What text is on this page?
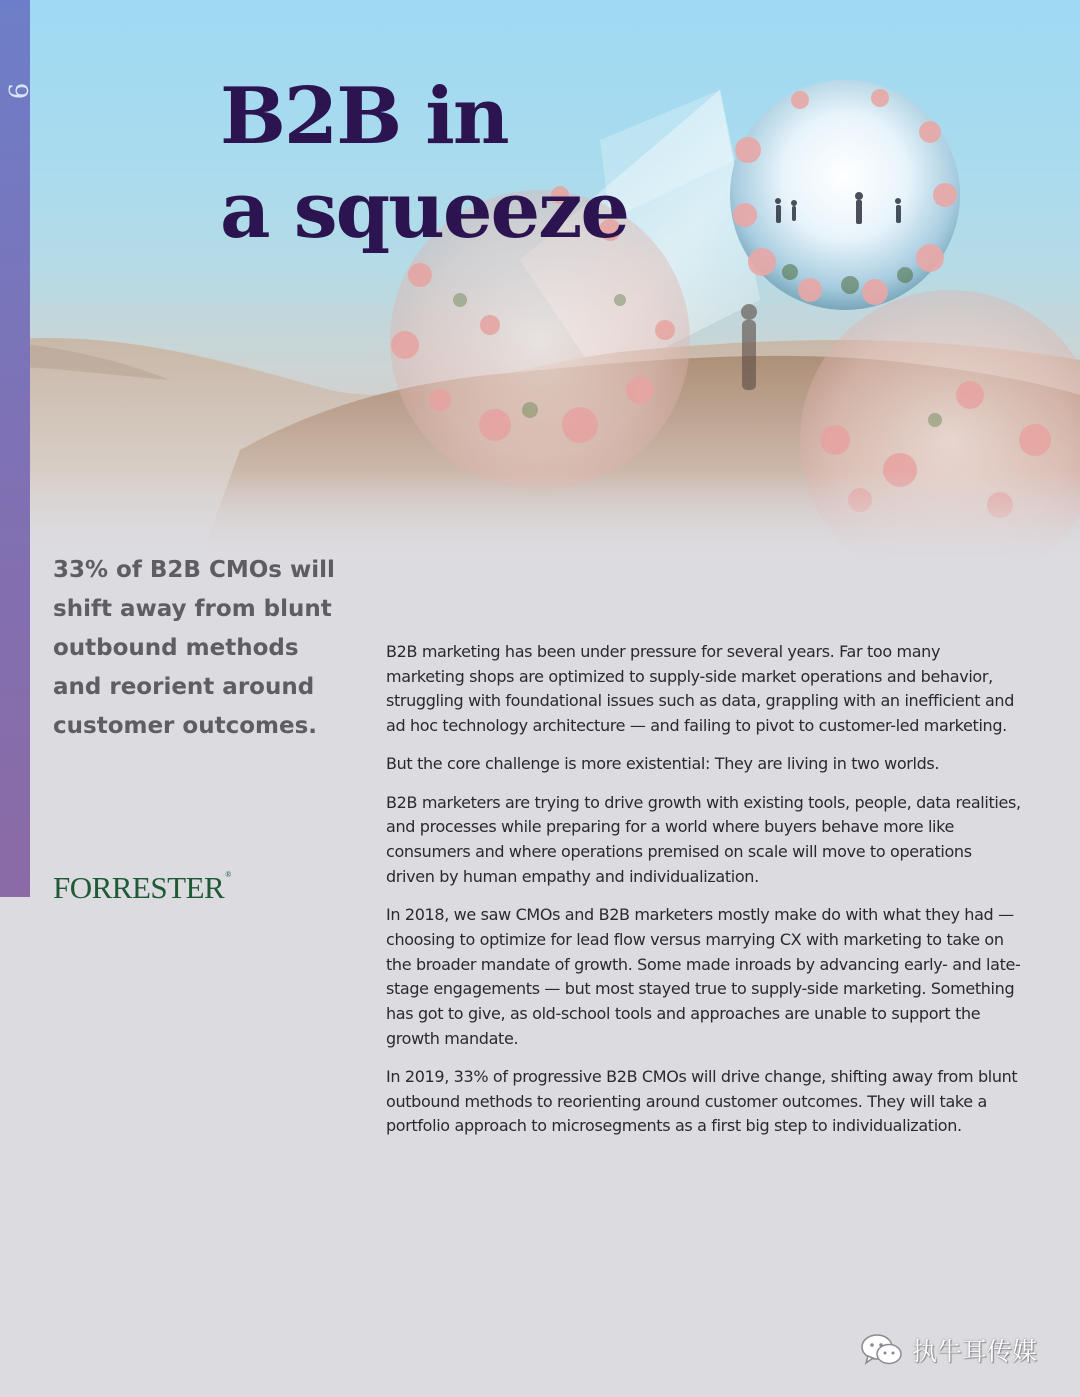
9 B2B in
a squeeze
33% of B2B CMOs will
shift away from blunt
outbound methods
and reorient around
customer outcomes.
FORRESTER®
B2B marketing has been under pressure for several years. Far too many
marketing shops are optimized to supply-side market operations and behavior,
struggling with foundational issues such as data, grappling with an inefficient and
ad hoc technology architecture — and failing to pivot to customer-led marketing.
But the core challenge is more existential: They are living in two worlds.
B2B marketers are trying to drive growth with existing tools, people, data realities,
and processes while preparing for a world where buyers behave more like
consumers and where operations premised on scale will move to operations
driven by human empathy and individualization.
In 2018, we saw CMOs and B2B marketers mostly make do with what they had —
choosing to optimize for lead flow versus marrying CX with marketing to take on
the broader mandate of growth. Some made inroads by advancing early- and late-
stage engagements — but most stayed true to supply-side marketing. Something
has got to give, as old-school tools and approaches are unable to support the
growth mandate.
In 2019, 33% of progressive B2B CMOs will drive change, shifting away from blunt
outbound methods to reorienting around customer outcomes. They will take a
portfolio approach to microsegments as a first big step to individualization.
执牛耳传媒
